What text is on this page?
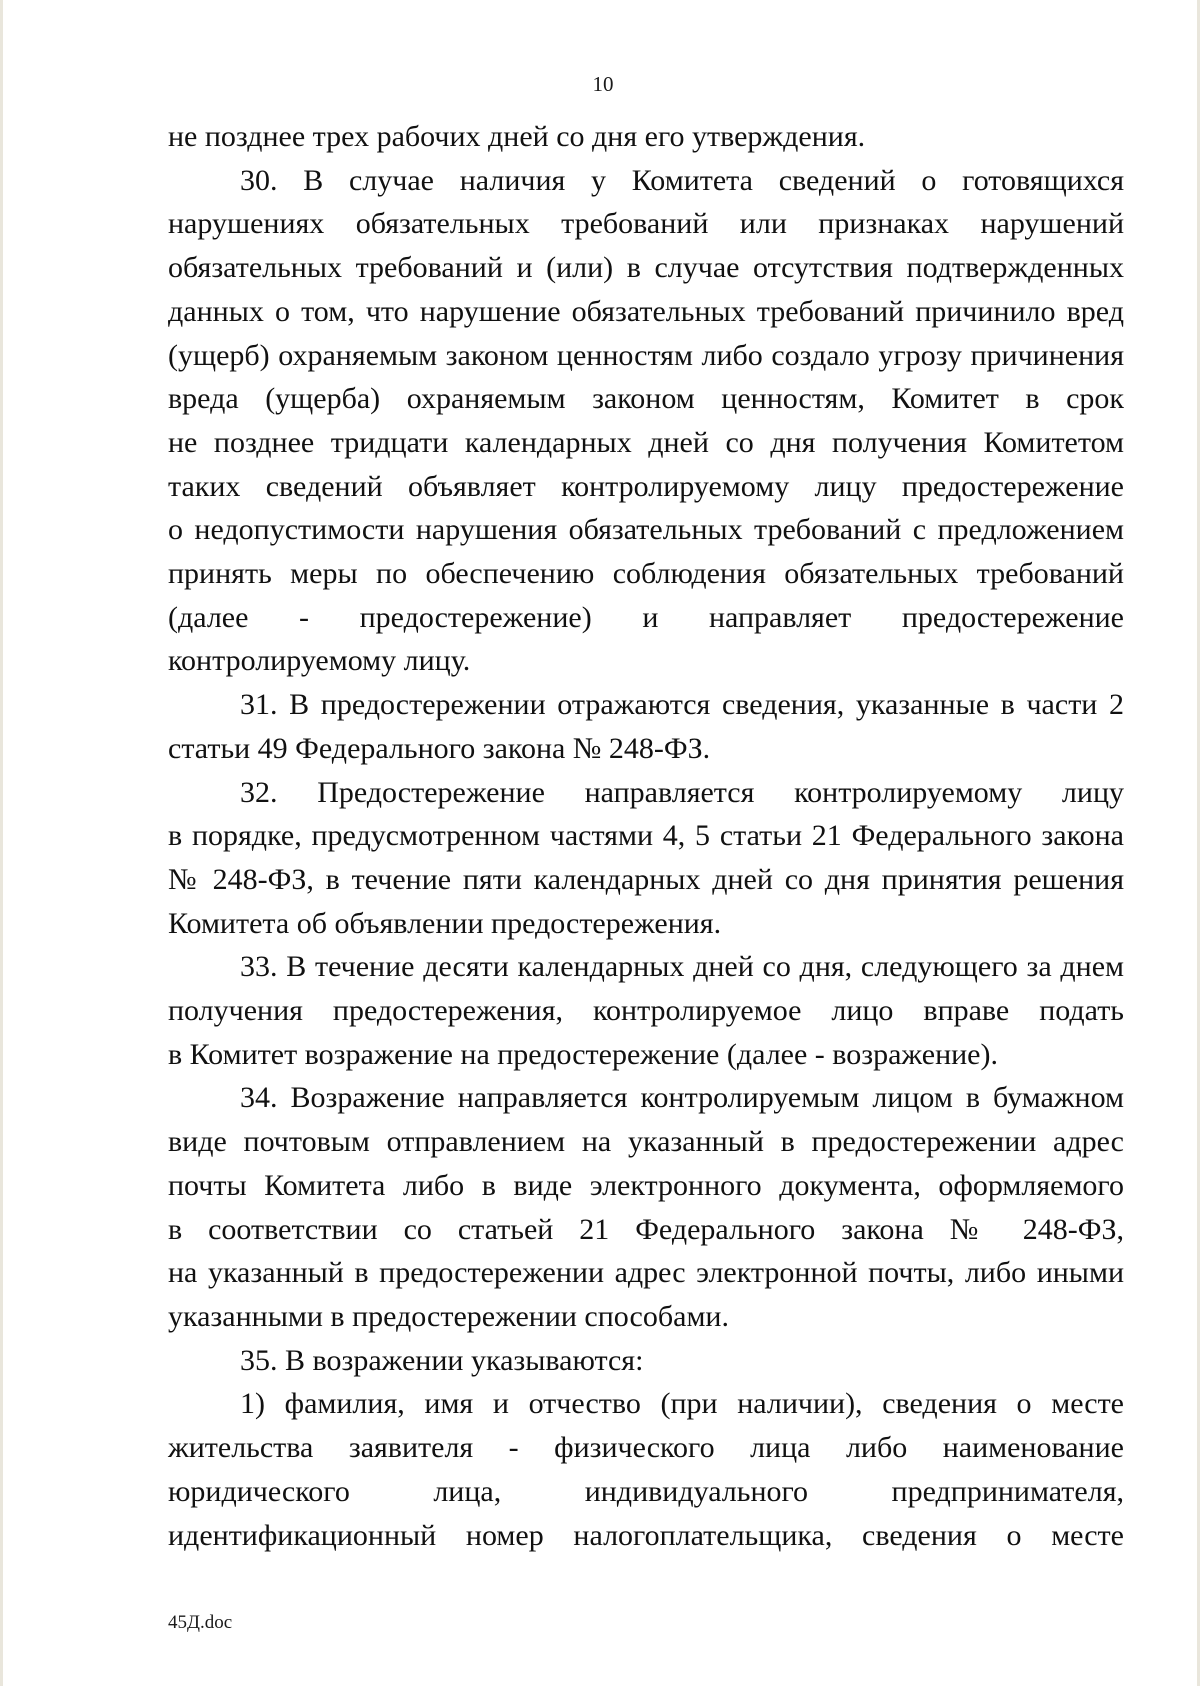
10
не позднее трех рабочих дней со дня его утверждения.
30. В случае наличия у Комитета сведений о готовящихся
нарушениях обязательных требований или признаках нарушений
обязательных требований и (или) в случае отсутствия подтвержденных
данных о том, что нарушение обязательных требований причинило вред
(ущерб) охраняемым законом ценностям либо создало угрозу причинения
вреда (ущерба) охраняемым законом ценностям, Комитет в срок
не позднее тридцати календарных дней со дня получения Комитетом
таких сведений объявляет контролируемому лицу предостережение
о недопустимости нарушения обязательных требований с предложением
принять меры по обеспечению соблюдения обязательных требований
(далее - предостережение) и направляет предостережение
контролируемому лицу.
31. В предостережении отражаются сведения, указанные в части 2
статьи 49 Федерального закона № 248-ФЗ.
32. Предостережение направляется контролируемому лицу
в порядке, предусмотренном частями 4, 5 статьи 21 Федерального закона
№ 248-ФЗ, в течение пяти календарных дней со дня принятия решения
Комитета об объявлении предостережения.
33. В течение десяти календарных дней со дня, следующего за днем
получения предостережения, контролируемое лицо вправе подать
в Комитет возражение на предостережение (далее - возражение).
34. Возражение направляется контролируемым лицом в бумажном
виде почтовым отправлением на указанный в предостережении адрес
почты Комитета либо в виде электронного документа, оформляемого
в соответствии со статьей 21 Федерального закона № 248-ФЗ,
на указанный в предостережении адрес электронной почты, либо иными
указанными в предостережении способами.
35. В возражении указываются:
1) фамилия, имя и отчество (при наличии), сведения о месте
жительства заявителя - физического лица либо наименование
юридического лица, индивидуального предпринимателя,
идентификационный номер налогоплательщика, сведения о месте
45Д.doc
